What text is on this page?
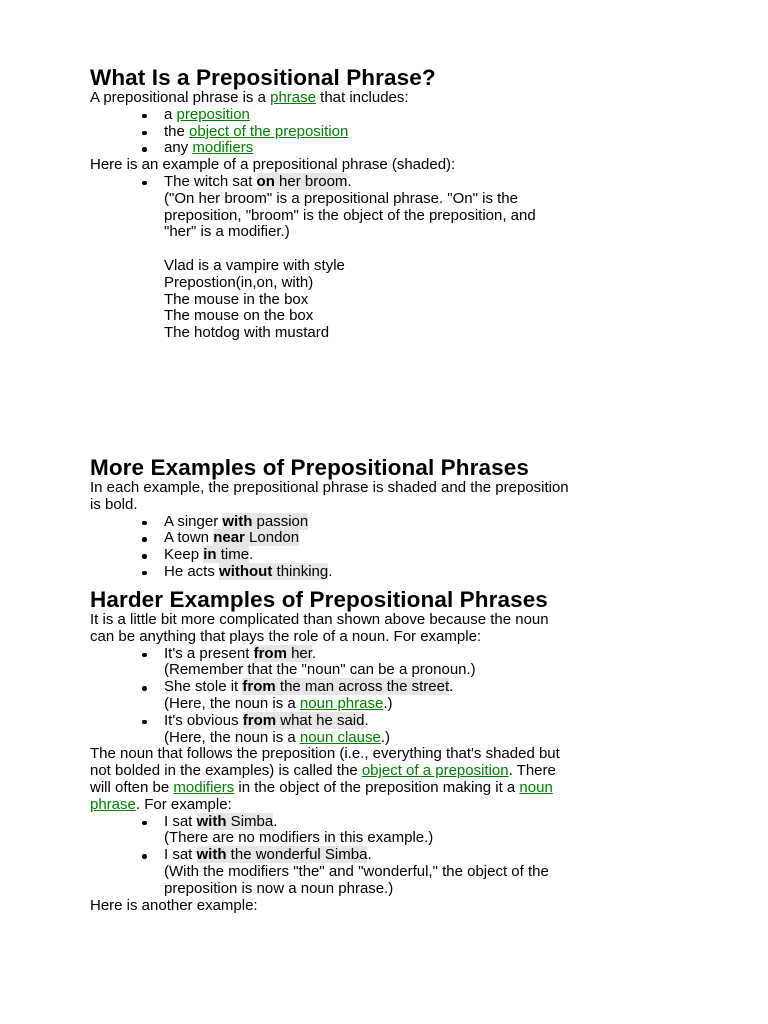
What Is a Prepositional Phrase?

A prepositional phrase is a phrase that includes:

a preposition
the object of the preposition
any modifiers

Here is an example of a prepositional phrase (shaded):

The witch sat on her broom.
("On her broom" is a prepositional phrase. "On" is the
preposition, "broom" is the object of the preposition, and
"her" is a modifier.)

Vlad is a vampire with style
Prepostion(in,on, with)
The mouse in the box
The mouse on the box
The hotdog with mustard
More Examples of Prepositional Phrases

In each example, the prepositional phrase is shaded and the preposition

is bold.

A singer with passion
A town near London
Keep in time.
He acts without thinking.
Harder Examples of Prepositional Phrases

It is a little bit more complicated than shown above because the noun

can be anything that plays the role of a noun. For example:

It's a present from her.
(Remember that the "noun" can be a pronoun.)
She stole it from the man across the street.
(Here, the noun is a noun phrase.)
It's obvious from what he said.
(Here, the noun is a noun clause.)

The noun that follows the preposition (i.e., everything that's shaded but

not bolded in the examples) is called the object of a preposition. There

will often be modifiers in the object of the preposition making it a noun

phrase. For example:

I sat with Simba.
(There are no modifiers in this example.)
I sat with the wonderful Simba.
(With the modifiers "the" and "wonderful," the object of the
preposition is now a noun phrase.)

Here is another example:
